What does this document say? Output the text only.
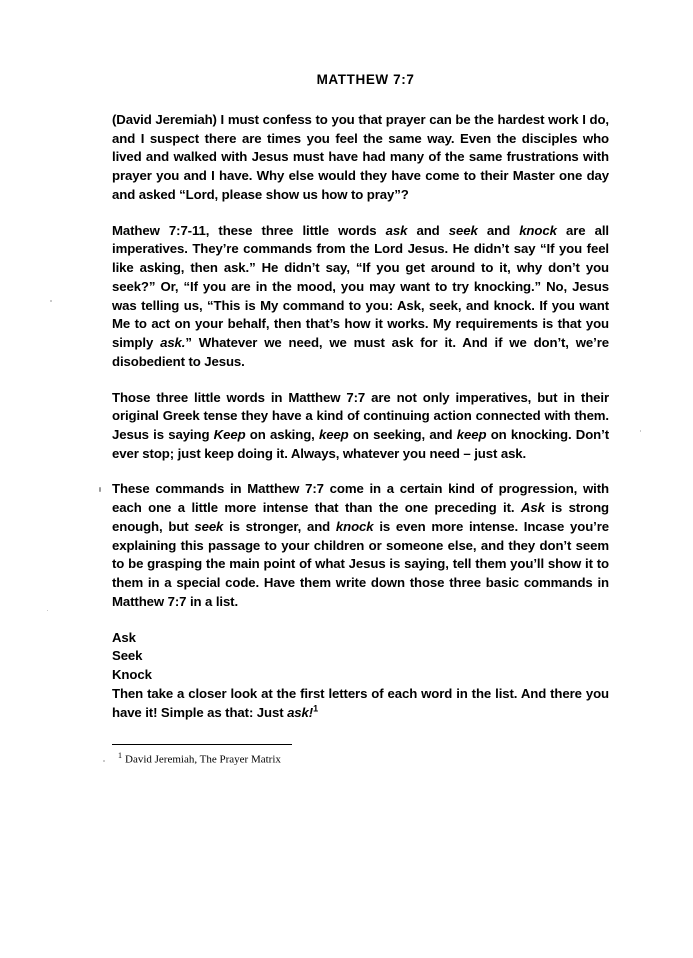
MATTHEW 7:7

(David Jeremiah) I must confess to you that prayer can be the hardest work I do, and I suspect there are times you feel the same way. Even the disciples who lived and walked with Jesus must have had many of the same frustrations with prayer you and I have. Why else would they have come to their Master one day and asked “Lord, please show us how to pray”?

Mathew 7:7-11, these three little words ask and seek and knock are all imperatives. They’re commands from the Lord Jesus. He didn’t say “If you feel like asking, then ask.” He didn’t say, “If you get around to it, why don’t you seek?” Or, “If you are in the mood, you may want to try knocking.” No, Jesus was telling us, “This is My command to you: Ask, seek, and knock. If you want Me to act on your behalf, then that’s how it works. My requirements is that you simply ask.” Whatever we need, we must ask for it. And if we don’t, we’re disobedient to Jesus.

Those three little words in Matthew 7:7 are not only imperatives, but in their original Greek tense they have a kind of continuing action connected with them. Jesus is saying Keep on asking, keep on seeking, and keep on knocking. Don’t ever stop; just keep doing it. Always, whatever you need – just ask.

These commands in Matthew 7:7 come in a certain kind of progression, with each one a little more intense that than the one preceding it. Ask is strong enough, but seek is stronger, and knock is even more intense. Incase you’re explaining this passage to your children or someone else, and they don’t seem to be grasping the main point of what Jesus is saying, tell them you’ll show it to them in a special code. Have them write down those three basic commands in Matthew 7:7 in a list.

Ask

Seek

Knock

Then take a closer look at the first letters of each word in the list. And there you have it! Simple as that: Just ask!$^1$

$^1$ David Jeremiah, The Prayer Matrix
